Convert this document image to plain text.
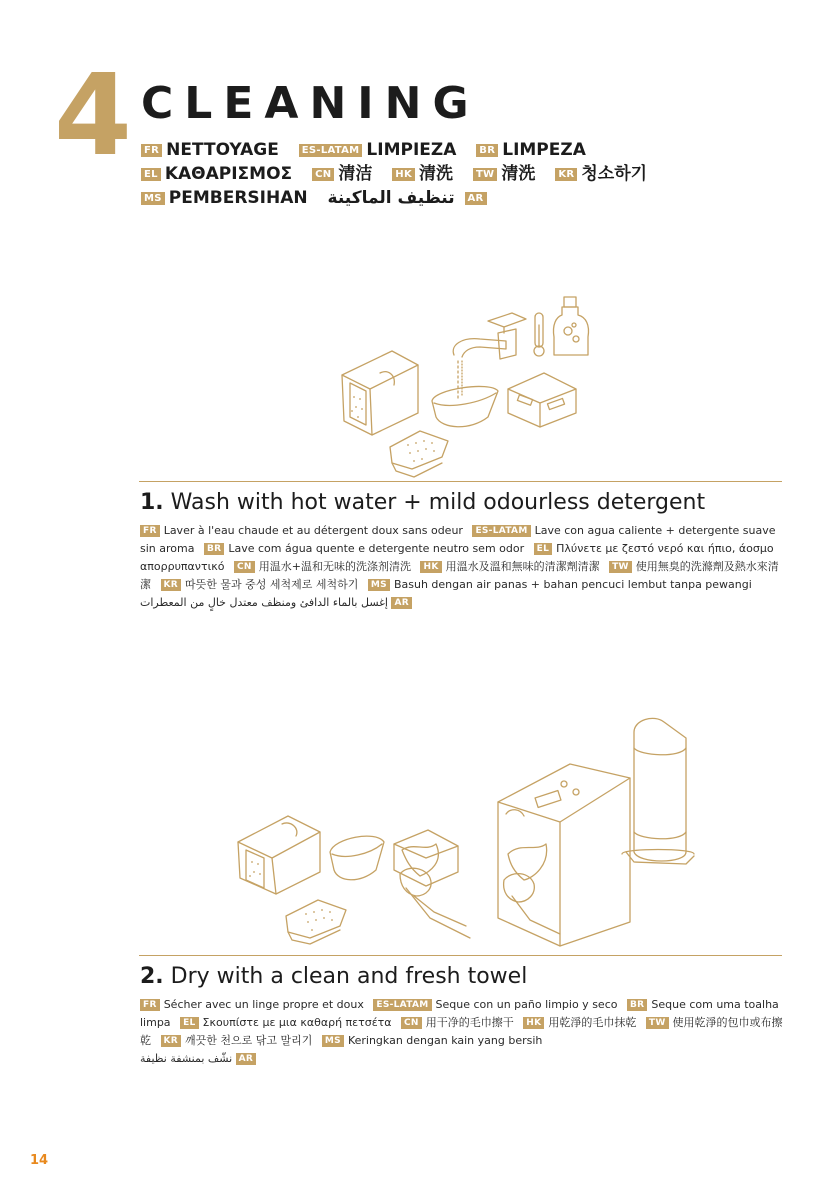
4 CLEANING
FR NETTOYAGE ES-LATAM LIMPIEZA BR LIMPEZA
EL ΚΑΘΑΡΙΣΜΟΣ CN 清洁 HK 清洗 TW 清洗 KR 청소하기
MS PEMBERSIHAN تنظيف الماكينة AR
1. Wash with hot water + mild odourless detergent
FR Laver à l'eau chaude et au détergent doux sans odeur ES-LATAM Lave con agua caliente + detergente suave sin aroma BR Lave com água quente e detergente neutro sem odor EL Πλύνετε με ζεστό νερό και ήπιο, άοσμο απορρυπαντικό CN 用温水+温和无味的洗涤剂清洗 HK 用溫水及溫和無味的清潔劑清潔 TW 使用無臭的洗滌劑及熱水來清潔 KR 따뜻한 물과 중성 세척제로 세척하기 MS Basuh dengan air panas + bahan pencuci lembut tanpa pewangi إغسل بالماء الدافئ ومنظف معتدل خالٍ من المعطرات AR
2. Dry with a clean and fresh towel
FR Sécher avec un linge propre et doux ES-LATAM Seque con un paño limpio y seco BR Seque com uma toalha limpa EL Σκουπίστε με μια καθαρή πετσέτα CN 用干净的毛巾擦干 HK 用乾淨的毛巾抹乾 TW 使用乾淨的包巾或布擦乾 KR 깨끗한 천으로 닦고 말리기 MS Keringkan dengan kain yang bersih
نشّف بمنشفة نظيفة AR
14
